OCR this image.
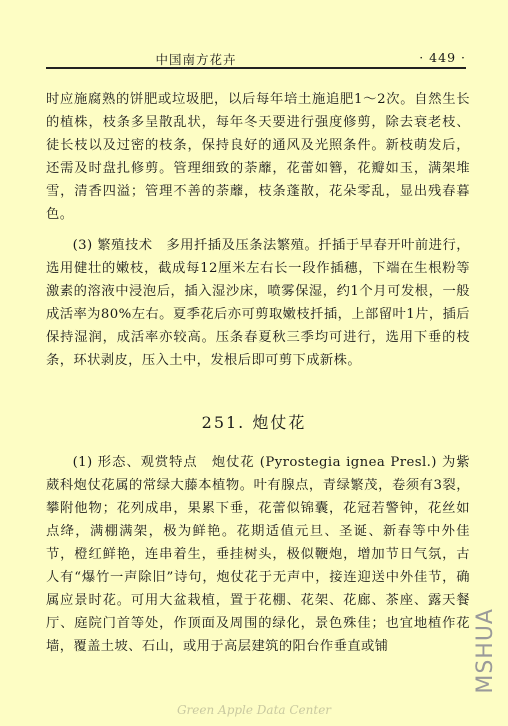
中国南方花卉	· 449 ·
时应施腐熟的饼肥或垃圾肥，以后每年培土施追肥1～2次。自然生长的植株，枝条多呈散乱状，每年冬天要进行强度修剪，除去衰老枝、徒长枝以及过密的枝条，保持良好的通风及光照条件。新枝萌发后，还需及时盘扎修剪。管理细致的荼蘼，花蕾如簪，花瓣如玉，满架堆雪，清香四溢；管理不善的荼蘼，枝条蓬散，花朵零乱，显出残春暮色。
(3) 繁殖技术　多用扦插及压条法繁殖。扦插于早春开叶前进行，选用健壮的嫩枝，截成每12厘米左右长一段作插穗，下端在生根粉等激素的溶液中浸泡后，插入湿沙床，喷雾保湿，约1个月可发根，一般成活率为80%左右。夏季花后亦可剪取嫩枝扦插，上部留叶1片，插后保持湿润，成活率亦较高。压条春夏秋三季均可进行，选用下垂的枝条，环状剥皮，压入土中，发根后即可剪下成新株。
251. 炮仗花
(1) 形态、观赏特点　炮仗花 (Pyrostegia ignea Presl.) 为紫葳科炮仗花属的常绿大藤本植物。叶有腺点，青绿繁茂，卷须有3裂，攀附他物；花列成串，果累下垂，花蕾似锦囊，花冠若警钟，花丝如点绛，满棚满架，极为鲜艳。花期适值元旦、圣诞、新春等中外佳节，橙红鲜艳，连串着生，垂挂树头，极似鞭炮，增加节日气氛，古人有“爆竹一声除旧”诗句，炮仗花于无声中，接连迎送中外佳节，确属应景时花。可用大盆栽植，置于花棚、花架、花廊、茶座、露天餐厅、庭院门首等处，作顶面及周围的绿化，景色殊佳；也宜地植作花墙，覆盖土坡、石山，或用于高层建筑的阳台作垂直或铺	MSHUA
Green Apple Data Center
